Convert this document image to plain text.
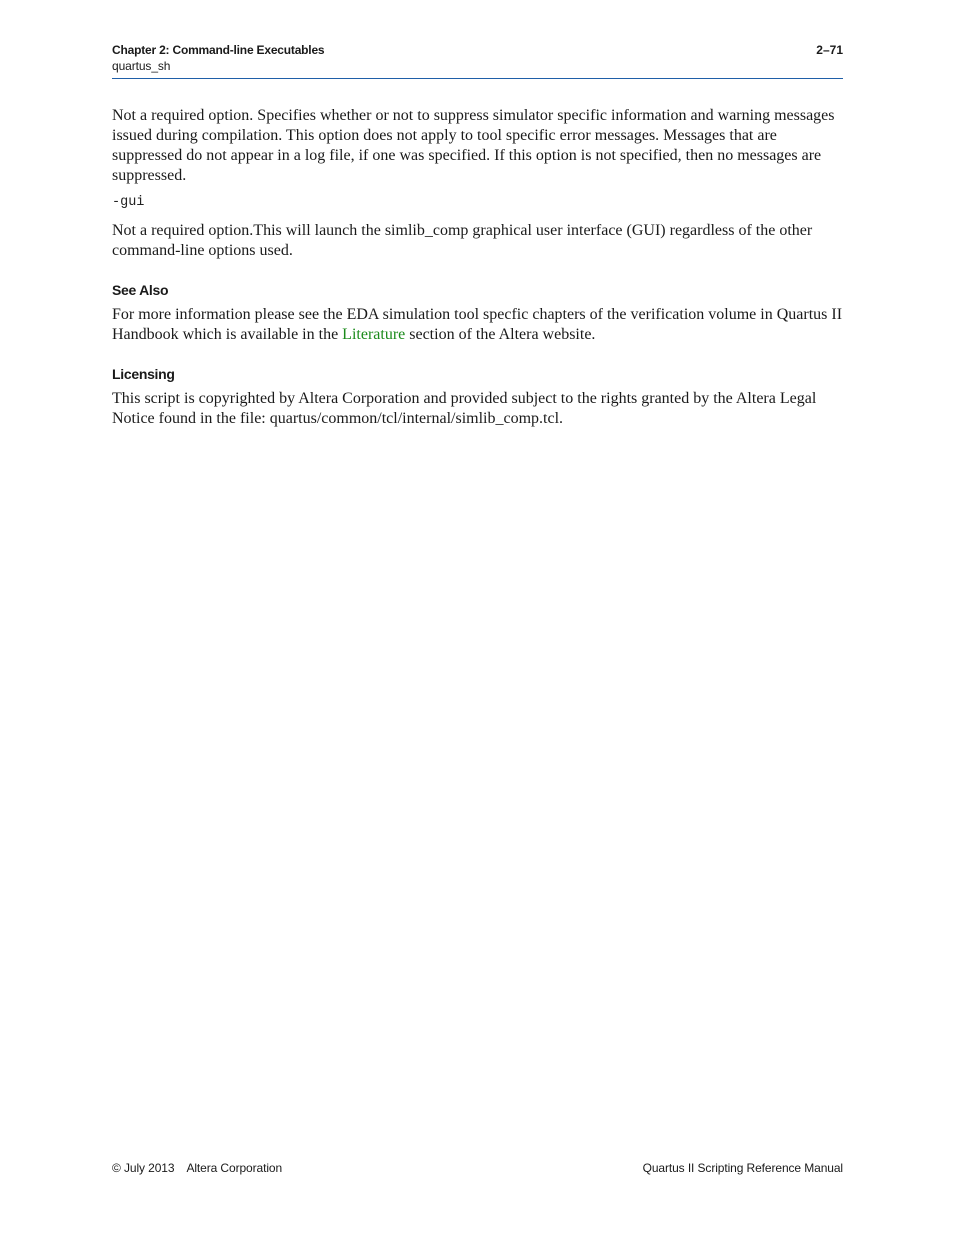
Chapter 2: Command-line Executables
quartus_sh
2–71

Not a required option. Specifies whether or not to suppress simulator specific information and warning messages issued during compilation. This option does not apply to tool specific error messages. Messages that are suppressed do not appear in a log file, if one was specified. If this option is not specified, then no messages are suppressed.

-gui

Not a required option.This will launch the simlib_comp graphical user interface (GUI) regardless of the other command-line options used.

See Also

For more information please see the EDA simulation tool specfic chapters of the verification volume in Quartus II Handbook which is available in the Literature section of the Altera website.

Licensing

This script is copyrighted by Altera Corporation and provided subject to the rights granted by the Altera Legal Notice found in the file: quartus/common/tcl/internal/simlib_comp.tcl.

© July 2013 Altera Corporation	Quartus II Scripting Reference Manual
